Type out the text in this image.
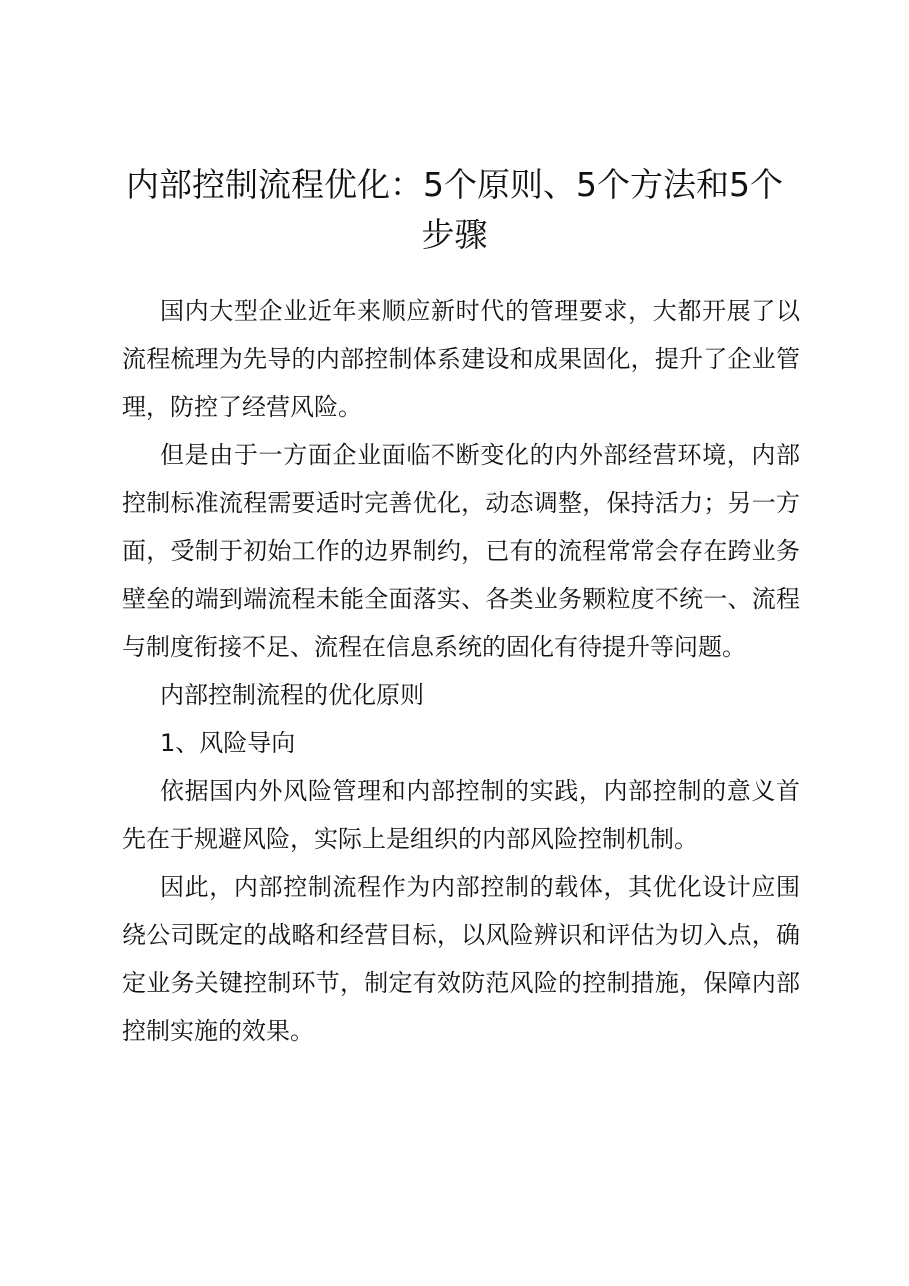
内部控制流程优化：5个原则、5个方法和5个步骤

国内大型企业近年来顺应新时代的管理要求，大都开展了以流程梳理为先导的内部控制体系建设和成果固化，提升了企业管理，防控了经营风险。

但是由于一方面企业面临不断变化的内外部经营环境，内部控制标准流程需要适时完善优化，动态调整，保持活力；另一方面，受制于初始工作的边界制约，已有的流程常常会存在跨业务壁垒的端到端流程未能全面落实、各类业务颗粒度不统一、流程与制度衔接不足、流程在信息系统的固化有待提升等问题。

内部控制流程的优化原则

1、风险导向

依据国内外风险管理和内部控制的实践，内部控制的意义首先在于规避风险，实际上是组织的内部风险控制机制。

因此，内部控制流程作为内部控制的载体，其优化设计应围绕公司既定的战略和经营目标，以风险辨识和评估为切入点，确定业务关键控制环节，制定有效防范风险的控制措施，保障内部控制实施的效果。
